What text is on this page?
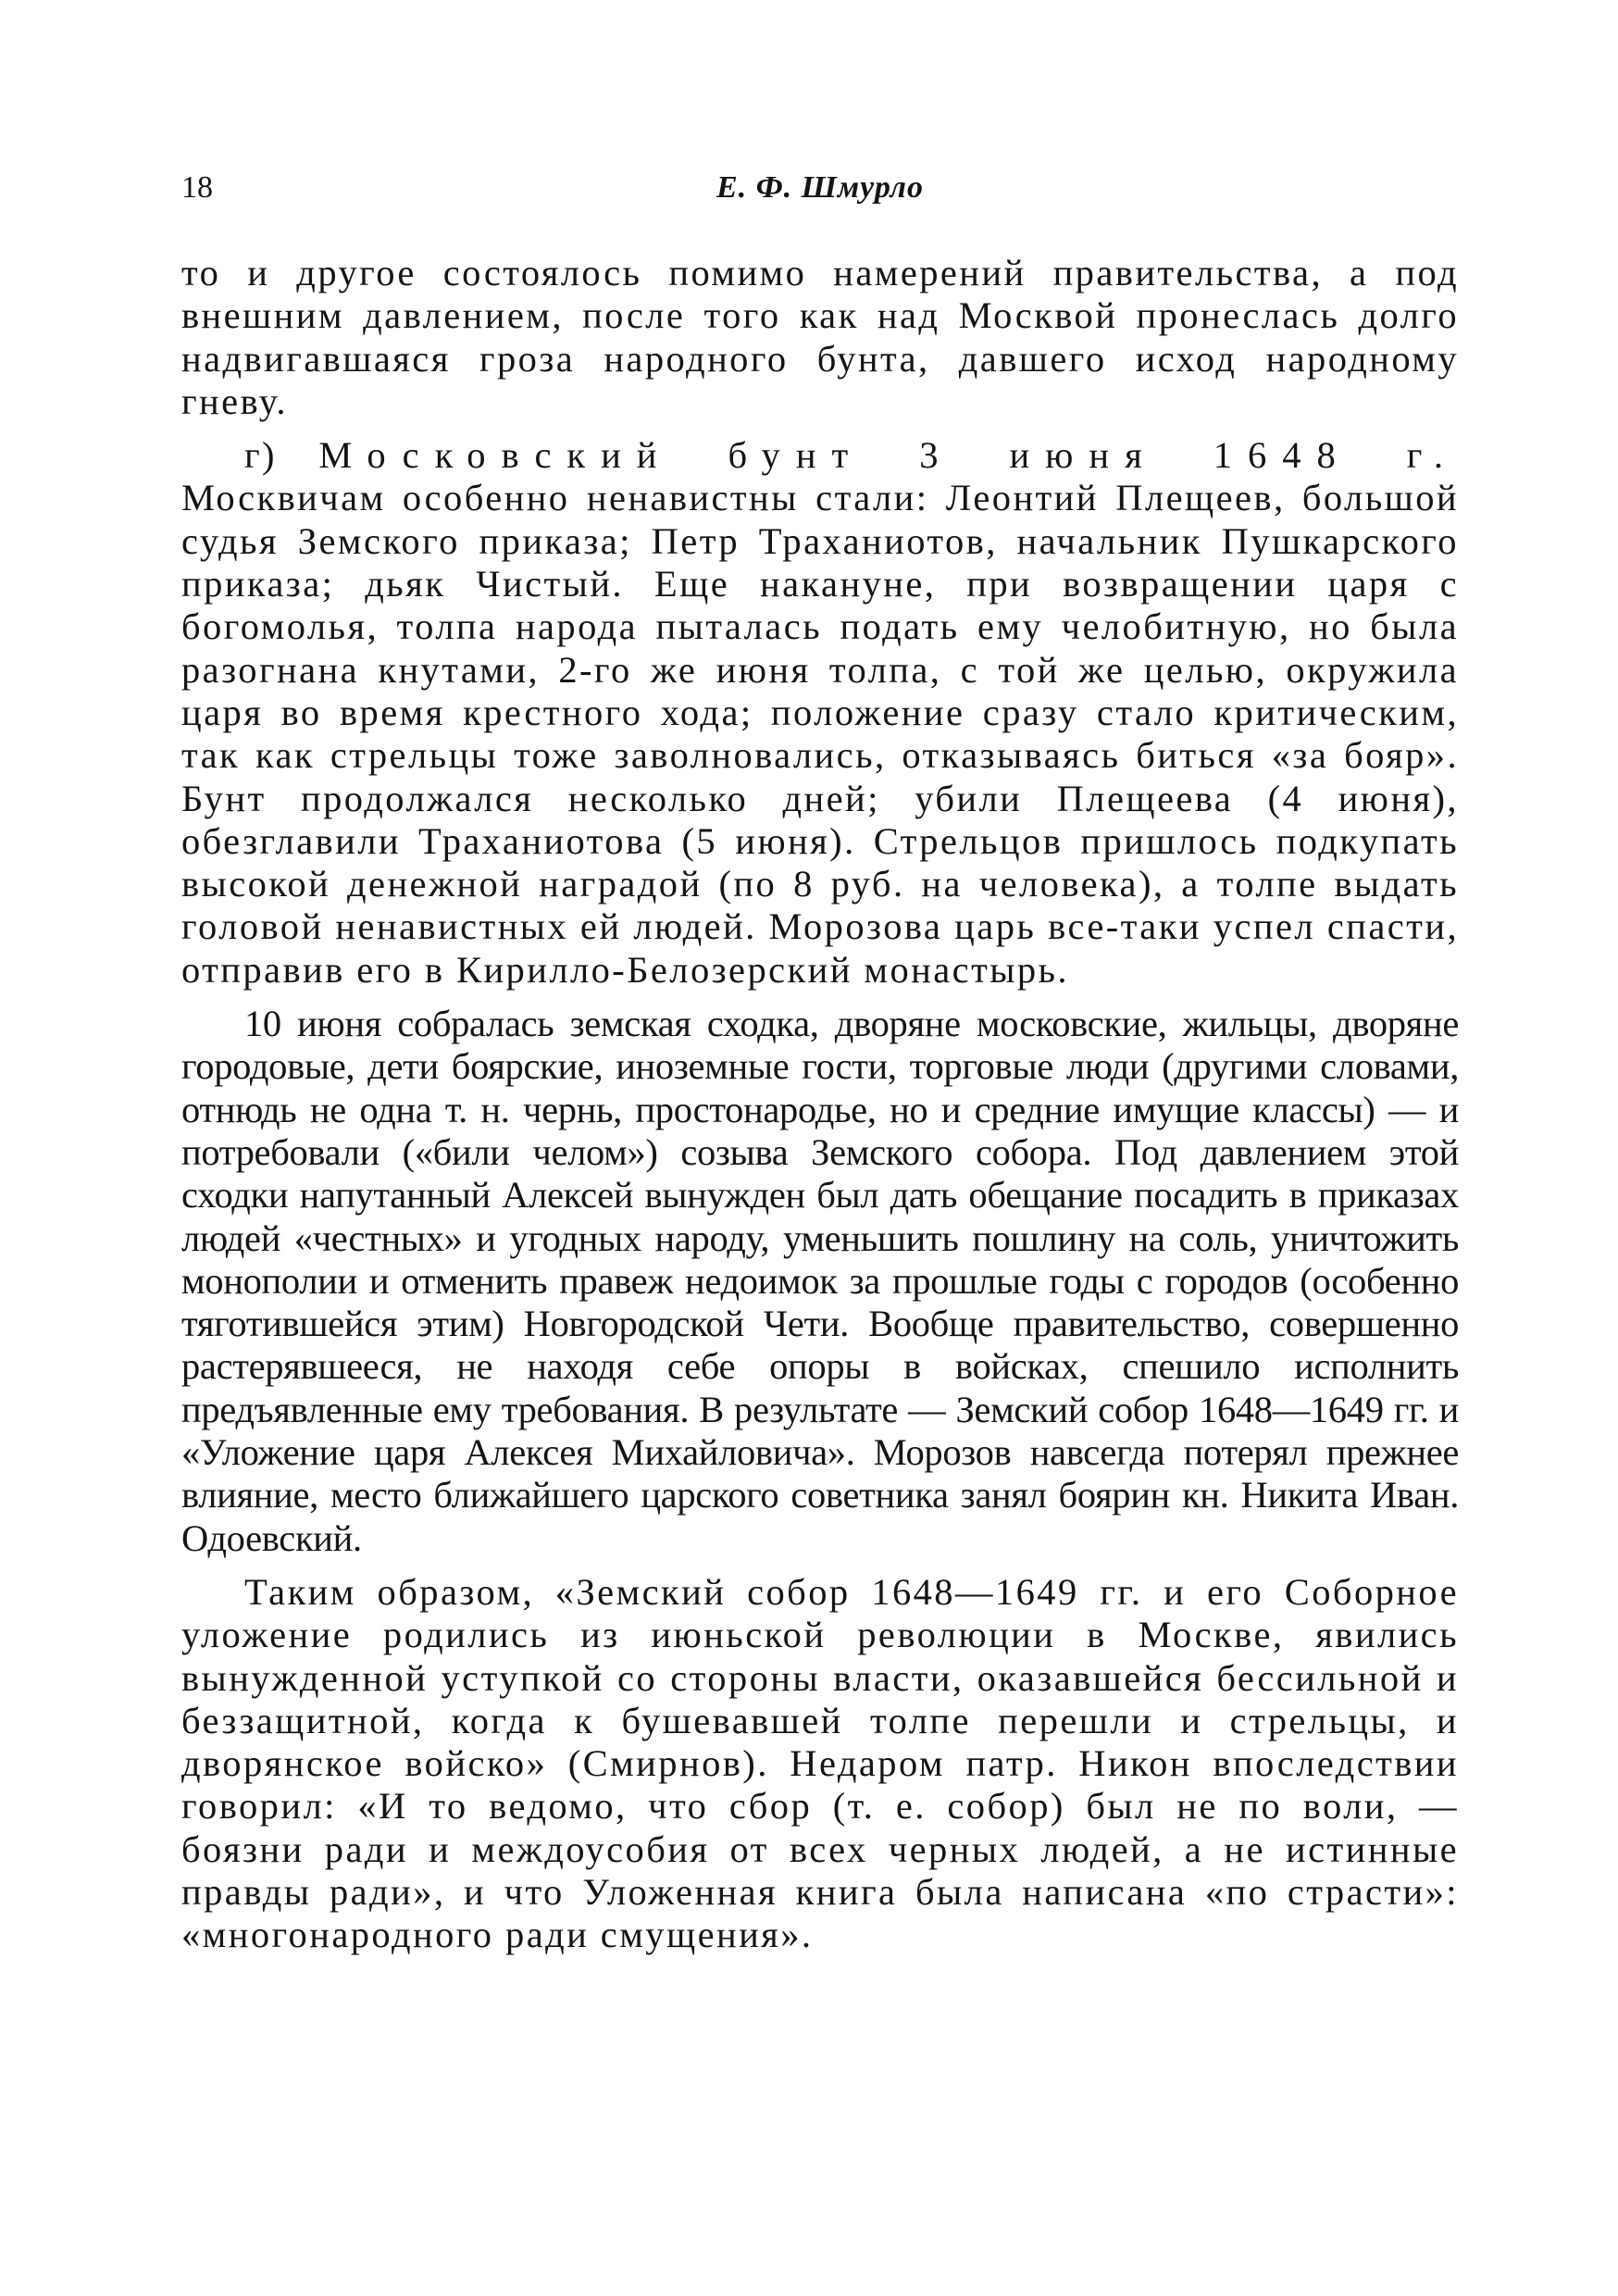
18	Е. Ф. Шмурло

то и другое состоялось помимо намерений правительства, а под внешним давлением, после того как над Москвой пронеслась долго надвигавшаяся гроза народного бунта, давшего исход народному гневу.

г) Московский бунт 3 июня 1648 г. Москвичам особенно ненавистны стали: Леонтий Плещеев, большой судья Земского приказа; Петр Траханиотов, начальник Пушкарского приказа; дьяк Чистый. Еще накануне, при возвращении царя с богомолья, толпа народа пыталась подать ему челобитную, но была разогнана кнутами, 2-го же июня толпа, с той же целью, окружила царя во время крестного хода; положение сразу стало критическим, так как стрельцы тоже заволновались, отказываясь биться «за бояр». Бунт продолжался несколько дней; убили Плещеева (4 июня), обезглавили Траханиотова (5 июня). Стрельцов пришлось подкупать высокой денежной наградой (по 8 руб. на человека), а толпе выдать головой ненавистных ей людей. Морозова царь все-таки успел спасти, отправив его в Кирилло-Белозерский монастырь.

10 июня собралась земская сходка, дворяне московские, жильцы, дворяне городовые, дети боярские, иноземные гости, торговые люди (другими словами, отнюдь не одна т. н. чернь, простонародье, но и средние имущие классы) — и потребовали («били челом») созыва Земского собора. Под давлением этой сходки напутанный Алексей вынужден был дать обещание посадить в приказах людей «честных» и угодных народу, уменьшить пошлину на соль, уничтожить монополии и отменить правеж недоимок за прошлые годы с городов (особенно тяготившейся этим) Новгородской Чети. Вообще правительство, совершенно растерявшееся, не находя себе опоры в войсках, спешило исполнить предъявленные ему требования. В результате — Земский собор 1648—1649 гг. и «Уложение царя Алексея Михайловича». Морозов навсегда потерял прежнее влияние, место ближайшего царского советника занял боярин кн. Никита Иван. Одоевский.

Таким образом, «Земский собор 1648—1649 гг. и его Соборное уложение родились из июньской революции в Москве, явились вынужденной уступкой со стороны власти, оказавшейся бессильной и беззащитной, когда к бушевавшей толпе перешли и стрельцы, и дворянское войско» (Смирнов). Недаром патр. Никон впоследствии говорил: «И то ведомо, что сбор (т. е. собор) был не по воли, — боязни ради и междоусобия от всех черных людей, а не истинные правды ради», и что Уложенная книга была написана «по страсти»: «многонародного ради смущения».
